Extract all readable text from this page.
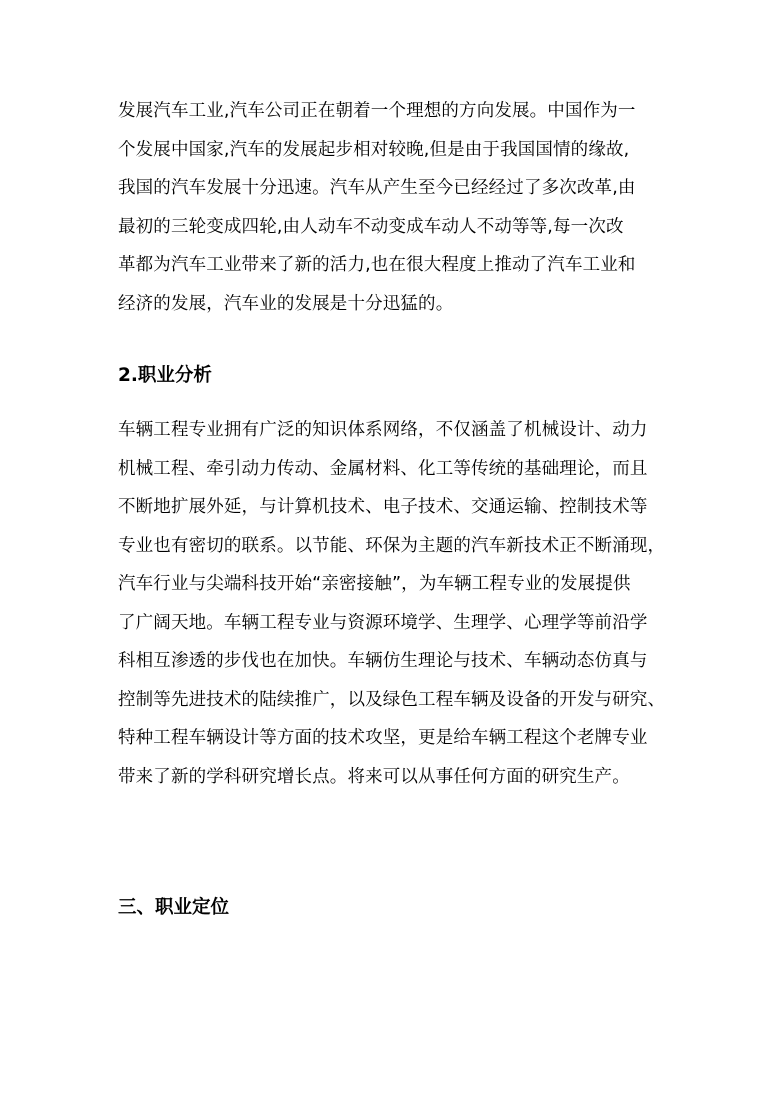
发展汽车工业,汽车公司正在朝着一个理想的方向发展。中国作为一
个发展中国家,汽车的发展起步相对较晚,但是由于我国国情的缘故,
我国的汽车发展十分迅速。汽车从产生至今已经经过了多次改革,由
最初的三轮变成四轮,由人动车不动变成车动人不动等等,每一次改
革都为汽车工业带来了新的活力,也在很大程度上推动了汽车工业和
经济的发展，汽车业的发展是十分迅猛的。
2.职业分析
车辆工程专业拥有广泛的知识体系网络，不仅涵盖了机械设计、动力
机械工程、牵引动力传动、金属材料、化工等传统的基础理论，而且
不断地扩展外延，与计算机技术、电子技术、交通运输、控制技术等
专业也有密切的联系。以节能、环保为主题的汽车新技术正不断涌现，
汽车行业与尖端科技开始“亲密接触”，为车辆工程专业的发展提供
了广阔天地。车辆工程专业与资源环境学、生理学、心理学等前沿学
科相互渗透的步伐也在加快。车辆仿生理论与技术、车辆动态仿真与
控制等先进技术的陆续推广，以及绿色工程车辆及设备的开发与研究、
特种工程车辆设计等方面的技术攻坚，更是给车辆工程这个老牌专业
带来了新的学科研究增长点。将来可以从事任何方面的研究生产。
三、职业定位
